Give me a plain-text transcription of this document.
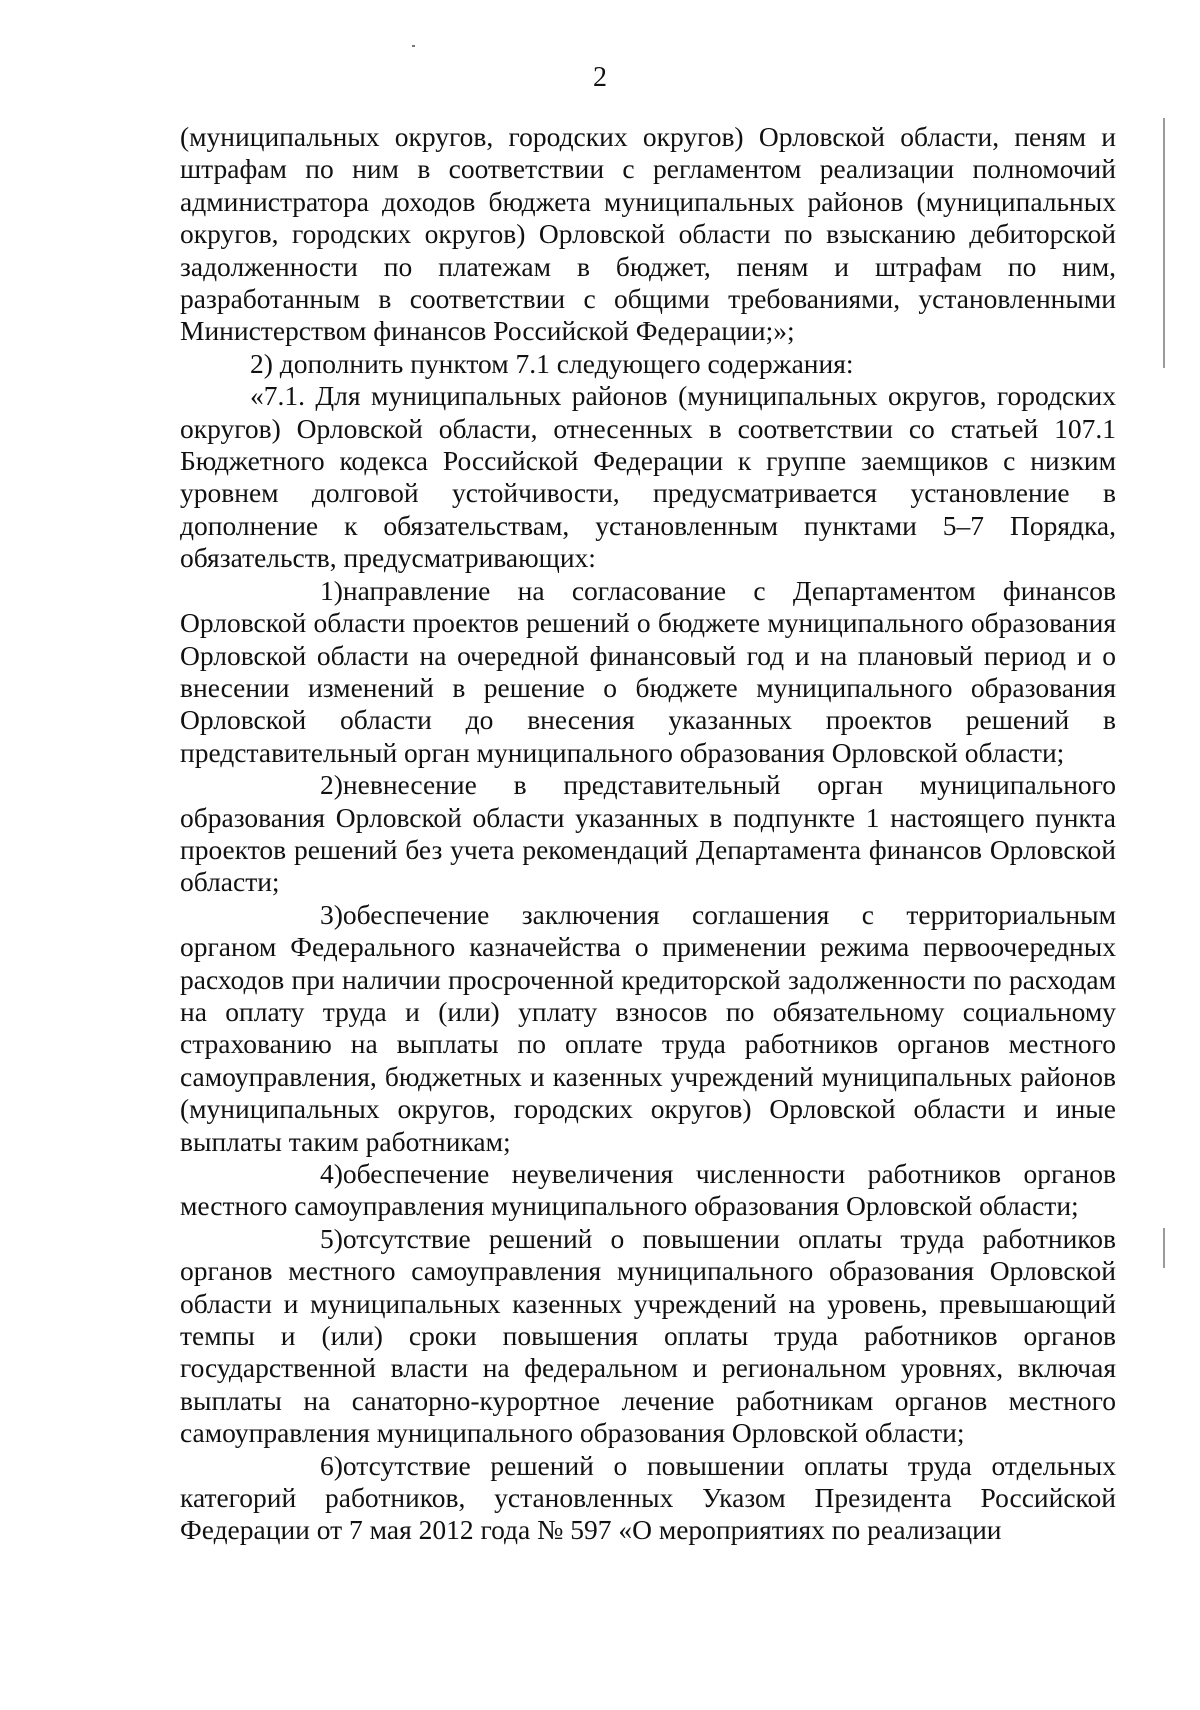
2

(муниципальных округов, городских округов) Орловской области, пеням и штрафам по ним в соответствии с регламентом реализации полномочий администратора доходов бюджета муниципальных районов (муниципальных округов, городских округов) Орловской области по взысканию дебиторской задолженности по платежам в бюджет, пеням и штрафам по ним, разработанным в соответствии с общими требованиями, установленными Министерством финансов Российской Федерации;»;

2) дополнить пунктом 7.1 следующего содержания:

«7.1. Для муниципальных районов (муниципальных округов, городских округов) Орловской области, отнесенных в соответствии со статьей 107.1 Бюджетного кодекса Российской Федерации к группе заемщиков с низким уровнем долговой устойчивости, предусматривается установление в дополнение к обязательствам, установленным пунктами 5–7 Порядка, обязательств, предусматривающих:

1)направление на согласование с Департаментом финансов Орловской области проектов решений о бюджете муниципального образования Орловской области на очередной финансовый год и на плановый период и о внесении изменений в решение о бюджете муниципального образования Орловской области до внесения указанных проектов решений в представительный орган муниципального образования Орловской области;

2)невнесение в представительный орган муниципального образования Орловской области указанных в подпункте 1 настоящего пункта проектов решений без учета рекомендаций Департамента финансов Орловской области;

3)обеспечение заключения соглашения с территориальным органом Федерального казначейства о применении режима первоочередных расходов при наличии просроченной кредиторской задолженности по расходам на оплату труда и (или) уплату взносов по обязательному социальному страхованию на выплаты по оплате труда работников органов местного самоуправления, бюджетных и казенных учреждений муниципальных районов (муниципальных округов, городских округов) Орловской области и иные выплаты таким работникам;

4)обеспечение неувеличения численности работников органов местного самоуправления муниципального образования Орловской области;

5)отсутствие решений о повышении оплаты труда работников органов местного самоуправления муниципального образования Орловской области и муниципальных казенных учреждений на уровень, превышающий темпы и (или) сроки повышения оплаты труда работников органов государственной власти на федеральном и региональном уровнях, включая выплаты на санаторно-курортное лечение работникам органов местного самоуправления муниципального образования Орловской области;

6)отсутствие решений о повышении оплаты труда отдельных категорий работников, установленных Указом Президента Российской Федерации от 7 мая 2012 года № 597 «О мероприятиях по реализации
